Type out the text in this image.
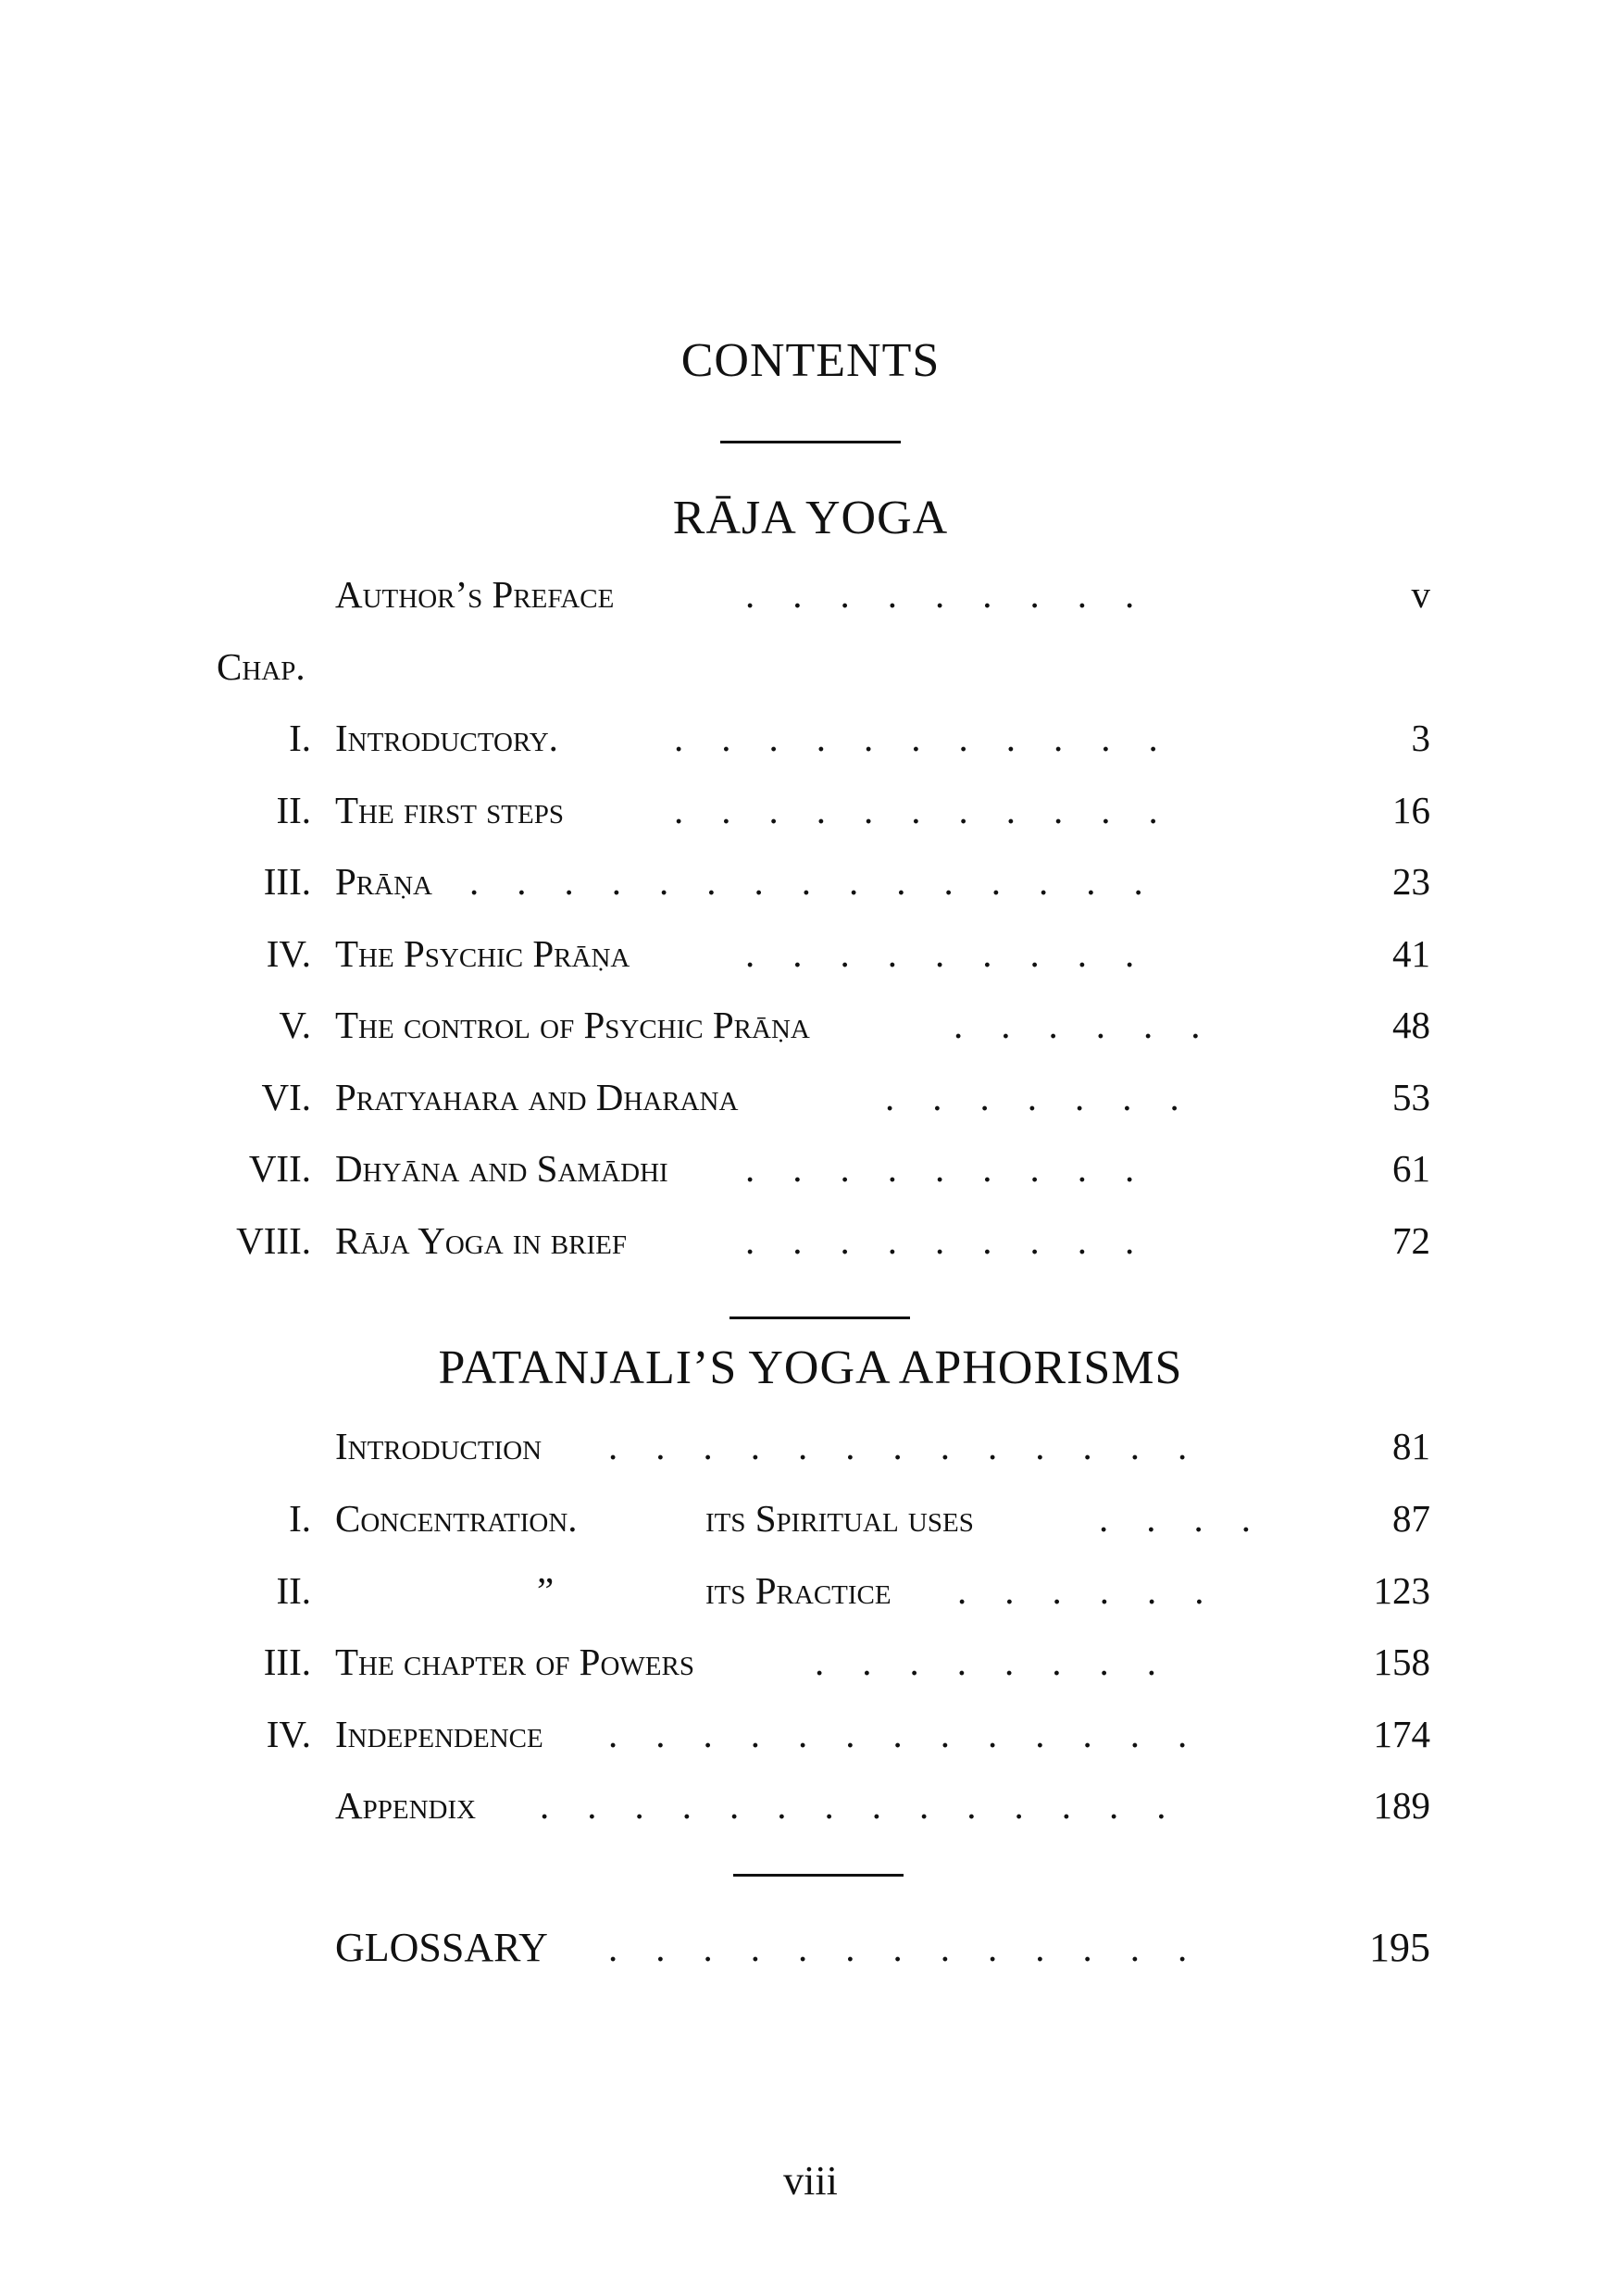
CONTENTS
RĀJA YOGA
Author’s Preface	.    .    .    .    .    .    .    .    .	v
Chap.
I. Introductory.	.    .    .    .    .    .    .    .    .    .    .	3
II. The first steps	.    .    .    .    .    .    .    .    .    .    .	16
III. Prāṇa .    .    .    .    .    .    .    .    .    .    .    .    .    .    .	23
IV. The Psychic Prāṇa	.    .    .    .    .    .    .    .    .	41
V. The control of Psychic Prāṇa	.    .    .    .    .    .	48
VI. Pratyahara and Dharana	.    .    .    .    .    .    .	53
VII. Dhyāna and Samādhi .    .    .    .    .    .    .    .    .	61
VIII. Rāja Yoga in brief	.    .    .    .    .    .    .    .    .	72
PATANJALI’S YOGA APHORISMS
Introduction .    .    .    .    .    .    .    .    .    .    .    .    .	81
I. Concentration.	its Spiritual uses	.    .    .    .	87
II.	”	its Practice .    .    .    .    .    .	123
III. The chapter of Powers	.    .    .    .    .    .    .    .	158
IV. Independence .    .    .    .    .    .    .    .    .    .    .    .    .	174
Appendix .    .    .    .    .    .    .    .    .    .    .    .    .    .	189
GLOSSARY .    .    .    .    .    .    .    .    .    .    .    .    .	195
viii
